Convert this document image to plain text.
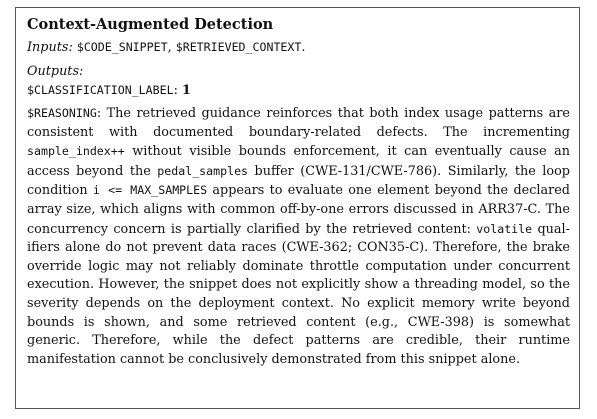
Context-Augmented Detection
Inputs: $CODE_SNIPPET, $RETRIEVED_CONTEXT.
Outputs:
$CLASSIFICATION_LABEL: 1

$REASONING: The retrieved guidance reinforces that both index usage patterns are consistent with documented boundary-related defects. The incrementing sample_index++ without visible bounds enforcement, it can eventually cause an access beyond the pedal_samples buffer (CWE-131/CWE-786). Similarly, the loop condition i <= MAX_SAMPLES appears to evaluate one element beyond the declared array size, which aligns with common off-by-one errors discussed in ARR37-C. The concurrency concern is partially clarified by the retrieved content: volatile qualifiers alone do not prevent data races (CWE-362; CON35-C). Therefore, the brake override logic may not reliably dominate throttle computation under concurrent execution. However, the snippet does not explicitly show a threading model, so the severity depends on the deployment context. No explicit memory write beyond bounds is shown, and some retrieved content (e.g., CWE-398) is somewhat generic. Therefore, while the defect patterns are credible, their runtime manifestation cannot be conclusively demonstrated from this snippet alone.
